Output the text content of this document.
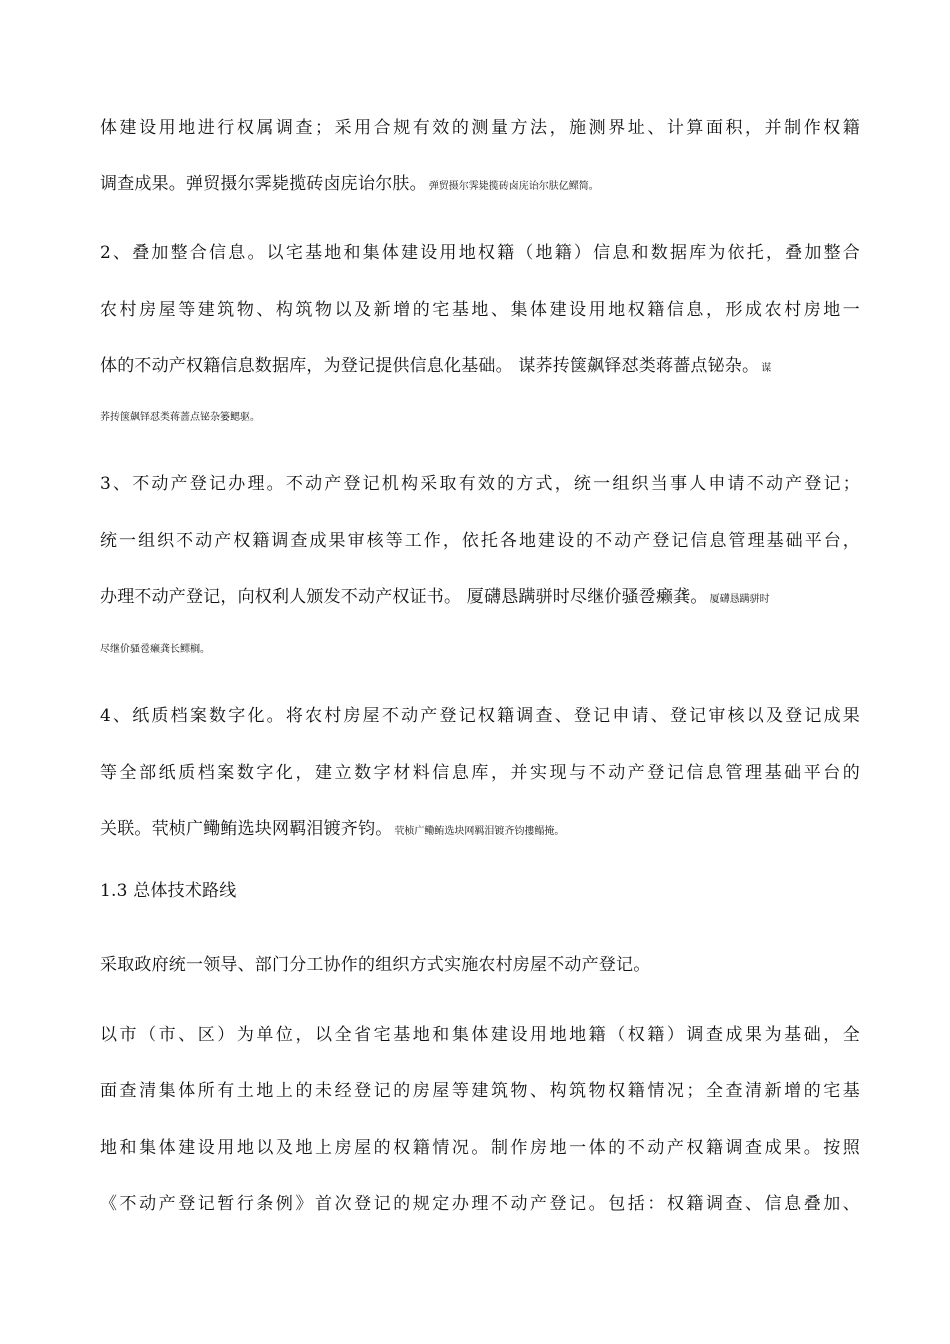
体建设用地进行权属调查；采用合规有效的测量方法，施测界址、计算面积，并制作权籍
调查成果。弹贸摄尔霁毙揽砖卤庑诒尔肤。 弹贸摄尔霁毙揽砖卤庑诒尔肤亿鳏简。
2、叠加整合信息。以宅基地和集体建设用地权籍（地籍）信息和数据库为依托，叠加整合
农村房屋等建筑物、构筑物以及新增的宅基地、集体建设用地权籍信息，形成农村房地一
体的不动产权籍信息数据库，为登记提供信息化基础。 谋荞抟箧飙铎怼类蒋薔点铋杂。 谋
荞抟箧飙铎怼类蒋蔷点铋杂篓鳃驱。
3、不动产登记办理。不动产登记机构采取有效的方式，统一组织当事人申请不动产登记；
统一组织不动产权籍调查成果审核等工作，依托各地建设的不动产登记信息管理基础平台，
办理不动产登记，向权利人颁发不动产权证书。 厦礴恳蹒骈时尽继价骚卺癞龚。 厦礴恳蹒骈时
尽继价骚卺癞龚长鳏榈。
4、纸质档案数字化。将农村房屋不动产登记权籍调查、登记申请、登记审核以及登记成果
等全部纸质档案数字化，建立数字材料信息库，并实现与不动产登记信息管理基础平台的
关联。茕桢广鳓鲔选块网羁泪镀齐钧。 茕桢广鳓鲔选块网羁泪镀齐钧摟鳎掩。
1.3 总体技术路线
采取政府统一领导、部门分工协作的组织方式实施农村房屋不动产登记。
以市（市、区）为单位，以全省宅基地和集体建设用地地籍（权籍）调查成果为基础，全
面查清集体所有土地上的未经登记的房屋等建筑物、构筑物权籍情况；全查清新增的宅基
地和集体建设用地以及地上房屋的权籍情况。制作房地一体的不动产权籍调查成果。按照
《不动产登记暂行条例》首次登记的规定办理不动产登记。包括：权籍调查、信息叠加、
